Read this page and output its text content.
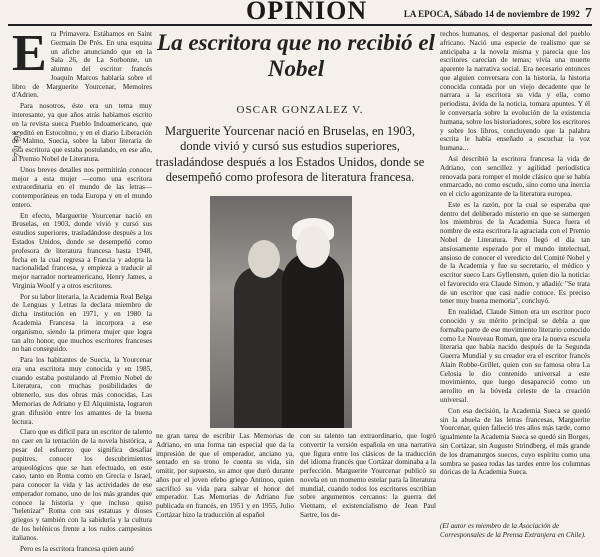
OPINION	LA EPOCA, Sábado 14 de noviembre de 1992 7
7 1 95

Era Primavera. Estábamos en Saint Germain De Prés. En una esquina un afiche anunciando que en la Sala 26, de La Sorbonne, un alumno del escritor francés Joaquín Marcos hablaría sobre el libro de Marguerite Yourcenar, Memoires d'Adrien.

Para nosotros, éste era un tema muy interesante, ya que años atrás habíamos escrito en la revista sueca Pueblo Indoamericano, que se editó en Estocolmo, y en el diario Liberación de Malmo, Suecia, sobre la labor literaria de esta escritora que estaba postulando, en ese año, al Premio Nobel de Literatura.

Unos breves detalles nos permitirán conocer mejor a esta mujer —como una escritora extraordinaria en el mundo de las letras— contemporáneas en toda Europa y en el mundo entero.

En efecto, Marguerite Yourcenar nació en Bruselas, en 1903, donde vivió y cursó sus estudios superiores, trasladándose después a los Estados Unidos, donde se desempeñó como profesora de literatura francesa hasta 1948, fecha en la cual regresa a Francia y adopta la nacionalidad francesa, y empieza a traducir al mejor narrador norteamericano, Henry James, a Virginia Woolf y a otros escritores.

Por su labor literaria, la Academia Real Belga de Lenguas y Letras la declara miembro de dicha institución en 1971, y en 1980 la Academia Francesa la incorpora a ese organismo, siendo la primera mujer que logra tan alto honor, que muchos escritores franceses no han conseguido.

Para los habitantes de Suecia, la Yourcenar era una escritora muy conocida y en 1985, cuando estaba postulando al Premio Nobel de Literatura, con muchas posibilidades de obtenerlo, sus dos obras más conocidas, Las Memorias de Adriano y El Alquimista, lograron gran difusión entre los amantes de la buena lectura.

Claro que es difícil para un escritor de talento no caer en la tentación de la novela histórica, a pesar del esfuerzo que significa desafiar pupitres, conocer los descubrimientos arqueológicos que se han efectuado, en este caso, tanto en Roma como en Grecia e Israel, para conocer la vida y las actividades de ese emperador romano, uno de los más grandes que conoce la historia y que incluso quiso "helenizar" Roma con sus estatuas y dioses griegos y también con la sabiduría y la cultura de los helénicos frente a los rudos campesinos italianos.

Pero es la escritora francesa quien aunó

La escritora que no recibió el Nobel
OSCAR GONZALEZ V.
Marguerite Yourcenar nació en Bruselas, en 1903, donde vivió y cursó sus estudios superiores, trasladándose después a los Estados Unidos, donde se desempeñó como profesora de literatura francesa.

ne gran tarea de escribir Las Memorias de Adriano, en una forma tan especial que da la impresión de que el emperador, anciano ya, sentado en su trono le cuenta su vida, sin omitir, por supuesto, su amor que duró durante años por el joven efebo griego Antinoo, quien sacrificó su vida para salvar el honor del emperador. Las Memorias de Adriano fue publicada en francés, en 1951 y en 1955, Julio Cortázar hizo la traducción al español

con su talento tan extraordinario, que logró convertir la versión española en una narrativa que figura entre los clásicos de la traducción del idioma francés que Cortázar dominaba a la perfección. Marguerite Yourcenar publicó su novela en un momento estelar para la literatura mundial, cuando todos los escritores escribían sobre argumentos cercanos: la guerra del Vietnam, el existencialismo de Jean Paul Sartre, los de-

rechos humanos, el despertar pasional del pueblo africano. Nació una especie de realismo que se anticipaba a la novela misma y parecía que los escritores carecían de temas; vivía una muerte aparente la narrativa social. Era necesario entonces que alguien conversara con la historia, la historia conocida contada por un viejo decadente que le narrara a la escritora su vida y ella, como periodista, ávida de la noticia, tomara apuntes. Y él le conversaría sobre la evolución de la existencia humana, sobre los historiadores, sobre los escritores y sobre los libros, concluyendo que la palabra escrita le había enseñado a escuchar la voz humana...

Así describió la escritora francesa la vida de Adriano, con sencillez y agilidad periodística renovada para romper el molde clásico que se había enmarcado, no como escudo, sino como una inercia en el ciclo agonizante de la literatura europea.

Este es la razón, por la cual se esperaba que dentro del deliberado misterio en que se sumergen los miembros de la Academia Sueca fuera el nombre de esta escritora la agraciada con el Premio Nobel de Literatura. Pero llegó el día tan ansiosamente esperado por el mundo intelectual, ansioso de conocer el veredicto del Comité Nobel y de la Academia y fue su secretario, el médico y escritor sueco Lars Gyllensten, quien dio la noticia: el favorecido era Claude Simon, y añadió: "Se trata de un escritor que casi nadie conoce. Es preciso tener muy buena memoria", concluyó.

En realidad, Claude Simon era un escritor poco conocido y su mérito principal se debía a que formaba parte de ese movimiento literario conocido como Le Nouveau Roman, que era la nueva escuela literaria que había nacido después de la Segunda Guerra Mundial y su creador era el escritor francés Alain Robbe-Grillet, quien con su famosa obra La Celosía le dio contenido universal a este movimiento, que luego desapareció como un aerolito en la bóveda celeste de la creación universal.

Con esa decisión, la Academia Sueca se quedó sin la abuela de las letras francesas, Marguerite Yourcenar, quien falleció tres años más tarde, como igualmente la Academia Sueca se quedó sin Borges, sin Cortázar, sin Augusto Strindberg, el más grande de los dramaturgos suecos, cuyo espíritu como una sombra se pasea todas las tardes entre los columnas dóricas de la Academia Sueca.

(El autor es miembro de la Asociación de Corresponsales de la Prensa Extranjera en Chile).
